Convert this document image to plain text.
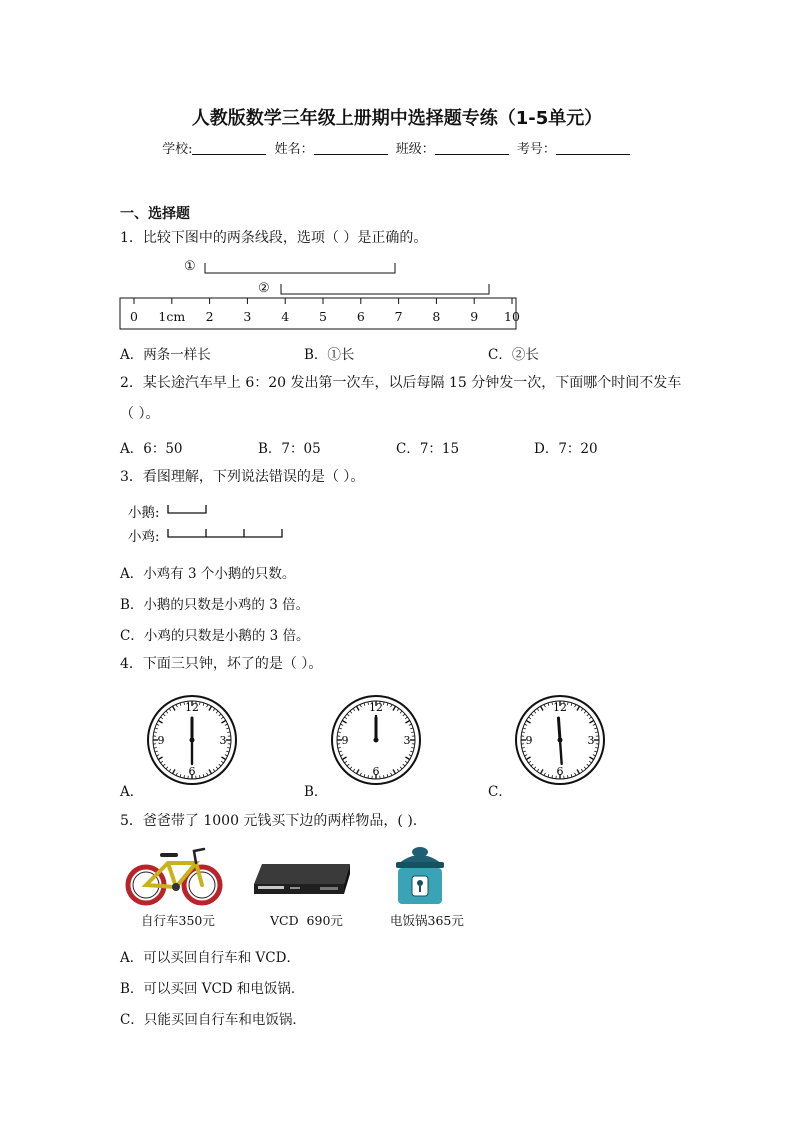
人教版数学三年级上册期中选择题专练（1-5单元）
学校:	姓名：	班级：	考号：
一、选择题
1．比较下图中的两条线段，选项（ ）是正确的。
①
②
0	1cm	2	3	4	5	6	7	8	9	10
A．两条一样长	B．①长	C．②长
2．某长途汽车早上 6：20 发出第一次车，以后每隔 15 分钟发一次，下面哪个时间不发车
（ ）。
A．6：50	B．7：05	C．7：15	D．7：20
3．看图理解，下列说法错误的是（ ）。
小鹅:
小鸡:
A．小鸡有 3 个小鹅的只数。
B．小鹅的只数是小鸡的 3 倍。
C．小鸡的只数是小鹅的 3 倍。
4．下面三只钟，坏了的是（ ）。
A．	B．	C．
12
3
6
9
12
3
6
9
12
3
6
9
5．爸爸带了 1000 元钱买下边的两样物品，( ).
自行车350元	VCD  690元	电饭锅365元
A．可以买回自行车和 VCD．
B．可以买回 VCD 和电饭锅．
C．只能买回自行车和电饭锅．
